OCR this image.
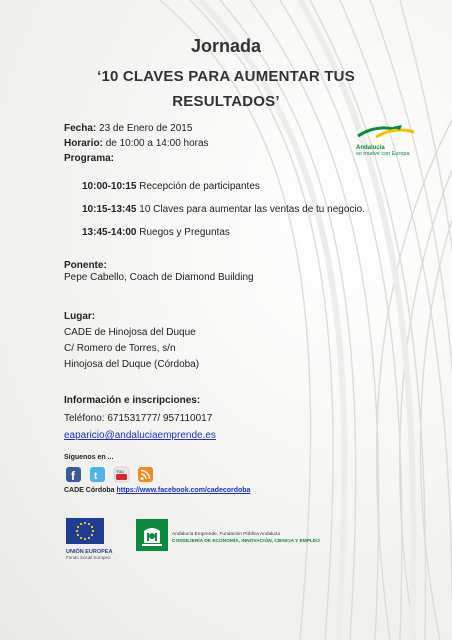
Jornada
‘10 CLAVES PARA AUMENTAR TUS
RESULTADOS’
Andalucía
se mueve con Europa
Fecha: 23 de Enero de 2015
Horario: de 10:00 a 14:00 horas
Programa:
10:00-10:15 Recepción de participantes
10:15-13:45 10 Claves para aumentar las ventas de tu negocio.
13:45-14:00 Ruegos y Preguntas
Ponente:
Pepe Cabello, Coach de Diamond Building
Lugar:
CADE de Hinojosa del Duque
C/ Romero de Torres, s/n
Hinojosa del Duque (Córdoba)
Información e inscripciones:
Teléfono: 671531777/ 957110017
eaparicio@andaluciaemprende.es
Síguenos en ...
f t	You
CADE Córdoba https://www.facebook.com/cadecordoba
UNIÓN EUROPEA
Fondo Social Europeo
Andalucía Emprende, Fundación Pública Andaluza
CONSEJERÍA DE ECONOMÍA, INNOVACIÓN, CIENCIA Y EMPLEO
